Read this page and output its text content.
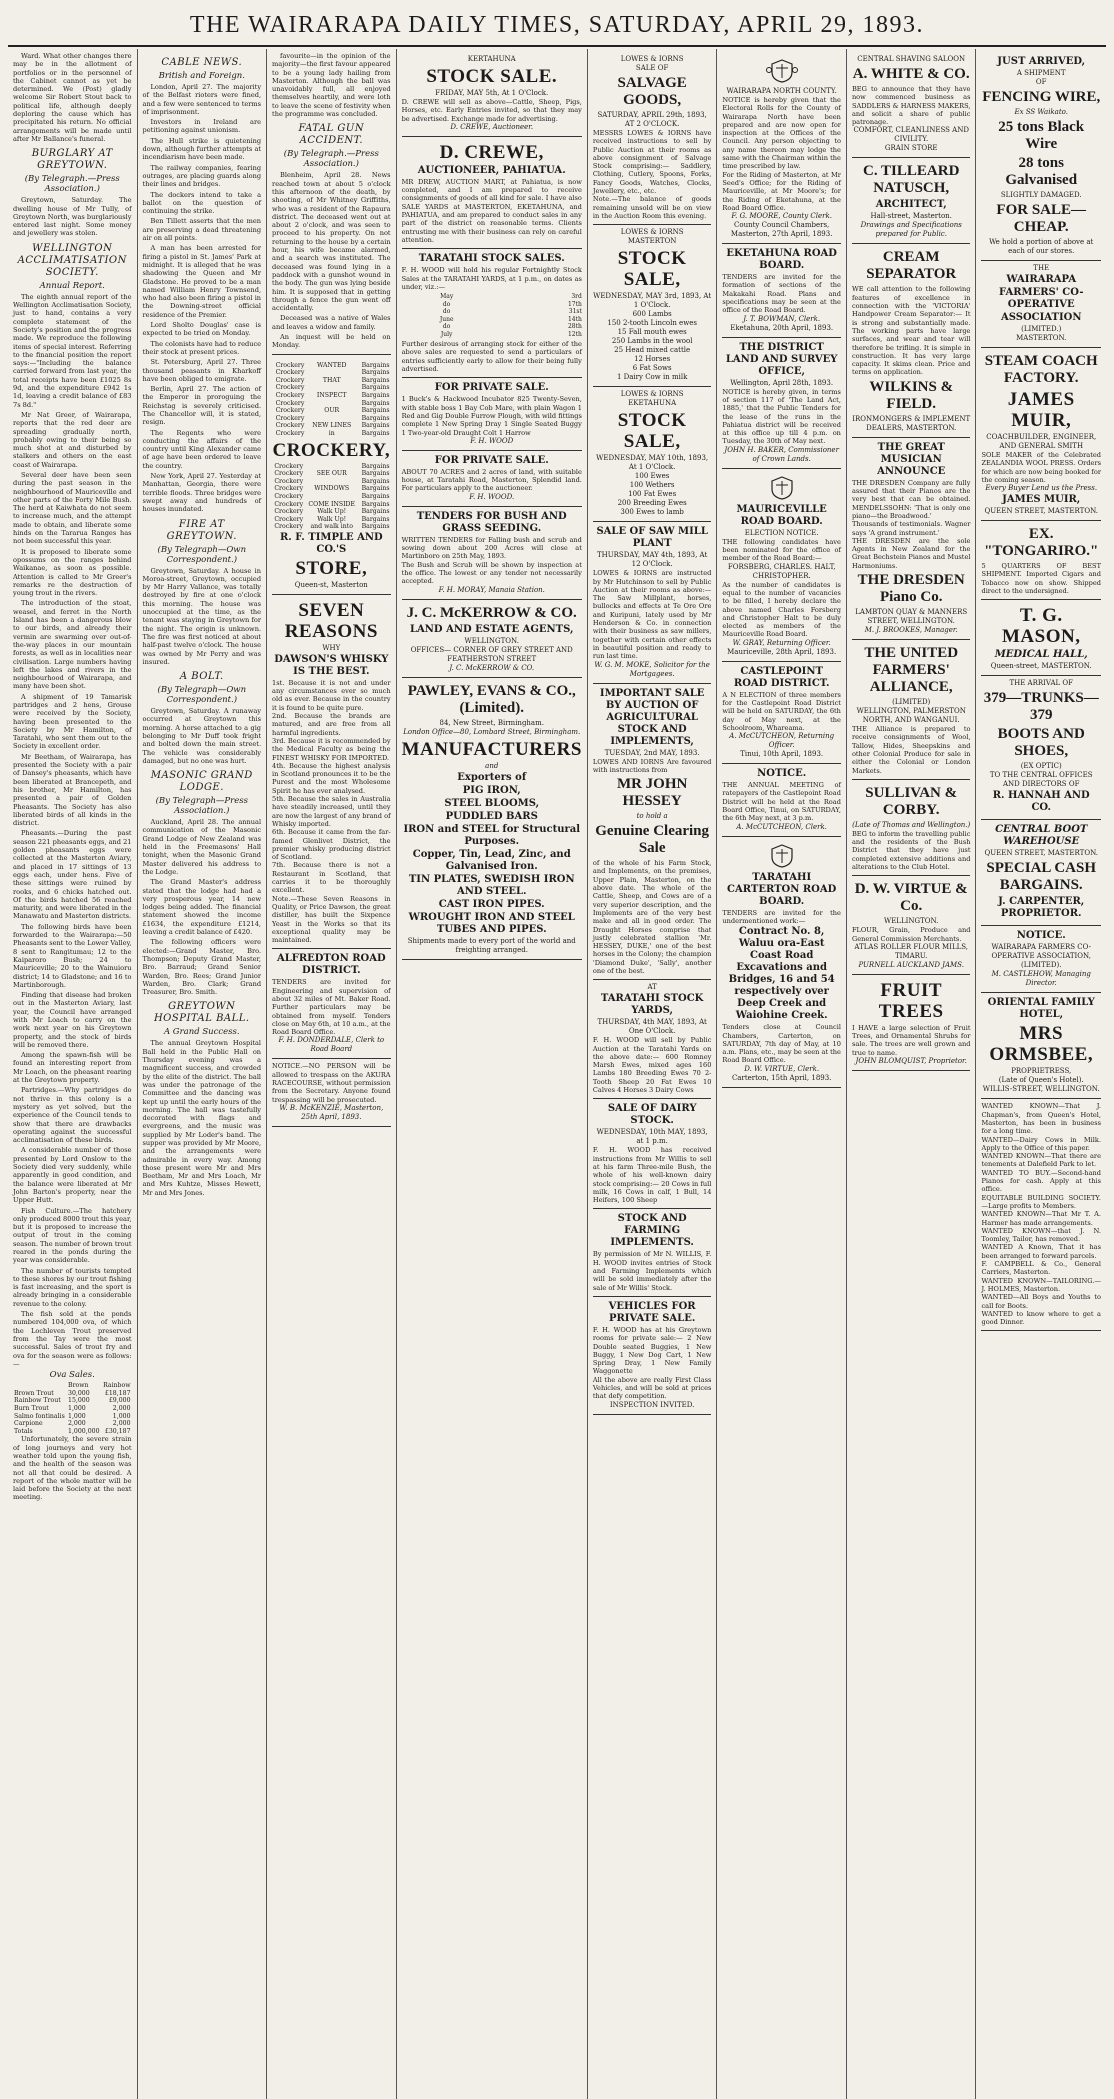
THE WAIRARAPA DAILY TIMES, SATURDAY, APRIL 29, 1893.

Ward. What other changes there may be in the allotment of portfolios or in the personnel of the Cabinet cannot as yet be determined. We (Post) gladly welcome Sir Robert Stout back to political life, although deeply deploring the cause which has precipitated his return. No official arrangements will be made until after Mr Ballance's funeral.

BURGLARY AT GREYTOWN.
(By Telegraph.—Press Association.)

Greytown, Saturday. The dwelling house of Mr Tully, of Greytown North, was burglariously entered last night. Some money and jewellery was stolen.

WELLINGTON ACCLIMATISATION SOCIETY.
Annual Report.

The eighth annual report of the Wellington Acclimatisation Society, just to hand, contains a very complete statement of the Society's position and the progress made. We reproduce the following items of special interest. Referring to the financial position the report says:—"Including the balance carried forward from last year, the total receipts have been £1025 8s 9d, and the expenditure £942 1s 1d, leaving a credit balance of £83 7s 8d."

Mr Nat Greer, of Wairarapa, reports that the red deer are spreading gradually north, probably owing to their being so much shot at and disturbed by stalkers and others on the east coast of Wairarapa.

Several deer have been seen during the past season in the neighbourhood of Mauriceville and other parts of the Forty Mile Bush. The herd at Kaiwhata do not seem to increase much, and the attempt made to obtain, and liberate some hinds on the Tararua Ranges has not been successful this year.

It is proposed to liberate some opossums on the ranges behind Waikanae, as soon as possible. Attention is called to Mr Greer's remarks re the destruction of young trout in the rivers.

The introduction of the stoat, weasel, and ferret in the North Island has been a dangerous blow to our birds, and already their vermin are swarming over out-of-the-way places in our mountain forests, as well as in localities near civilisation. Large numbers having left the lakes and rivers in the neighbourhood of Wairarapa, and many have been shot.

A shipment of 19 Tamarisk partridges and 2 hens, Grouse were received by the Society, having been presented to the Society by Mr Hamilton, of Taratahi, who sent them out to the Society in excellent order.

Mr Beetham, of Wairarapa, has presented the Society with a pair of Dansey's pheasants, which have been liberated at Brancepeth, and his brother, Mr Hamilton, has presented a pair of Golden Pheasants. The Society has also liberated birds of all kinds in the district.

Pheasants.—During the past season 221 pheasants eggs, and 21 golden pheasants eggs were collected at the Masterton Aviary, and placed in 17 sittings of 13 eggs each, under hens. Five of these sittings were ruined by rooks, and 6 chicks hatched out. Of the birds hatched 56 reached maturity, and were liberated in the Manawatu and Masterton districts.

The following birds have been forwarded to the Wairarapa:—50 Pheasants sent to the Lower Valley, 8 sent to Rangitumau; 12 to the Kaiparoro Bush; 24 to Mauriceville; 20 to the Wainuioru district; 14 to Gladstone; and 16 to Martinborough.

Finding that disease had broken out in the Masterton Aviary, last year, the Council have arranged with Mr Loach to carry on the work next year on his Greytown property, and the stock of birds will be removed there.

Among the spawn-fish will be found an interesting report from Mr Loach, on the pheasant rearing at the Greytown property.

Partridges.—Why partridges do not thrive in this colony is a mystery as yet solved, but the experience of the Council tends to show that there are drawbacks operating against the successful acclimatisation of these birds.

A considerable number of those presented by Lord Onslow to the Society died very suddenly, while apparently in good condition, and the balance were liberated at Mr John Barton's property, near the Upper Hutt.

Fish Culture.—The hatchery only produced 8000 trout this year, but it is proposed to increase the output of trout in the coming season. The number of brown trout reared in the ponds during the year was considerable.

The number of tourists tempted to these shores by our trout fishing is fast increasing, and the sport is already bringing in a considerable revenue to the colony.

The fish sold at the ponds numbered 104,000 ova, of which the Lochleven Trout preserved from the Tay were the most successful. Sales of trout fry and ova for the season were as follows:—

Ova Sales.
	Brown	Rainbow
Brown Trout	30,000	£18,187
Rainbow Trout	15,000	£9,000
Burn Trout	1,000	2,000
Salmo fontinalis	1,000	1,000
Carpione	2,000	2,000
Totals	1,000,000	£30,187

Unfortunately, the severe strain of long journeys and very hot weather told upon the young fish, and the health of the season was not all that could be desired. A report of the whole matter will be laid before the Society at the next meeting.

CABLE NEWS.
British and Foreign.

London, April 27. The majority of the Belfast rioters were fined, and a few were sentenced to terms of imprisonment.

Investors in Ireland are petitioning against unionism.

The Hull strike is quietening down, although further attempts at incendiarism have been made.

The railway companies, fearing outrages, are placing guards along their lines and bridges.

The dockers intend to take a ballot on the question of continuing the strike.

Ben Tillett asserts that the men are preserving a dead threatening air on all points.

A man has been arrested for firing a pistol in St. James' Park at midnight. It is alleged that he was shadowing the Queen and Mr Gladstone. He proved to be a man named William Henry Townsend, who had also been firing a pistol in the Downing-street official residence of the Premier.

Lord Sholto Douglas' case is expected to be tried on Monday.

The colonists have had to reduce their stock at present prices.

St. Petersburg, April 27. Three thousand peasants in Kharkoff have been obliged to emigrate.

Berlin, April 27. The action of the Emperor in proroguing the Reichstag is severely criticised. The Chancellor will, it is stated, resign.

The Regents who were conducting the affairs of the country until King Alexander came of age have been ordered to leave the country.

New York, April 27. Yesterday at Manhattan, Georgia, there were terrible floods. Three bridges were swept away and hundreds of houses inundated.

FIRE AT GREYTOWN.
(By Telegraph—Own Correspondent.)

Greytown, Saturday. A house in Moroa-street, Greytown, occupied by Mr Harry Vallance, was totally destroyed by fire at one o'clock this morning. The house was unoccupied at the time, as the tenant was staying in Greytown for the night. The origin is unknown. The fire was first noticed at about half-past twelve o'clock. The house was owned by Mr Perry and was insured.

A BOLT.
(By Telegraph—Own Correspondent.)

Greytown, Saturday. A runaway occurred at Greytown this morning. A horse attached to a gig belonging to Mr Duff took fright and bolted down the main street. The vehicle was considerably damaged, but no one was hurt.

MASONIC GRAND LODGE.
(By Telegraph—Press Association.)

Auckland, April 28. The annual communication of the Masonic Grand Lodge of New Zealand was held in the Freemasons' Hall tonight, when the Masonic Grand Master delivered his address to the Lodge.

The Grand Master's address stated that the lodge had had a very prosperous year, 14 new lodges being added. The financial statement showed the income £1634, the expenditure £1214, leaving a credit balance of £420.

The following officers were elected:—Grand Master, Bro. Thompson; Deputy Grand Master, Bro. Barraud; Grand Senior Warden, Bro. Rees; Grand Junior Warden, Bro. Clark; Grand Treasurer, Bro. Smith.

GREYTOWN HOSPITAL BALL.
A Grand Success.

The annual Greytown Hospital Ball held in the Public Hall on Thursday evening was a magnificent success, and crowded by the elite of the district. The ball was under the patronage of the Committee and the dancing was kept up until the early hours of the morning. The hall was tastefully decorated with flags and evergreens, and the music was supplied by Mr Loder's band. The supper was provided by Mr Moore, and the arrangements were admirable in every way. Among those present were Mr and Mrs Beetham, Mr and Mrs Loach, Mr and Mrs Kuhtze, Misses Hewett, Mr and Mrs Jones.

favourite—in the opinion of the majority—the first favour appeared to be a young lady hailing from Masterton. Although the ball was unavoidably full, all enjoyed themselves heartily, and were loth to leave the scene of festivity when the programme was concluded.

FATAL GUN ACCIDENT.
(By Telegraph.—Press Association.)

Blenheim, April 28. News reached town at about 5 o'clock this afternoon of the death, by shooting, of Mr Whitney Griffiths, who was a resident of the Rapaura district. The deceased went out at about 2 o'clock, and was seen to proceed to his property. On not returning to the house by a certain hour, his wife became alarmed, and a search was instituted. The deceased was found lying in a paddock with a gunshot wound in the body. The gun was lying beside him. It is supposed that in getting through a fence the gun went off accidentally.

Deceased was a native of Wales and leaves a widow and family.

An inquest will be held on Monday.

Crockery	WANTED	Bargains
Crockery		Bargains
Crockery	THAT	Bargains
Crockery		Bargains
Crockery	INSPECT	Bargains
Crockery		Bargains
Crockery	OUR	Bargains
Crockery		Bargains
Crockery	NEW LINES	Bargains
Crockery	in	Bargains
CROCKERY,
Crockery		Bargains
Crockery	SEE OUR	Bargains
Crockery		Bargains
Crockery	WINDOWS	Bargains
Crockery		Bargains
Crockery	COME INSIDE	Bargains
Crockery	Walk Up!	Bargains
Crockery	Walk Up!	Bargains
Crockery	and walk into	Bargains
R. F. TIMPLE AND CO.'S
STORE,
Queen-st, Masterton
SEVEN REASONS
WHY
DAWSON'S WHISKY IS THE BEST.
1st. Because it is not and under any circumstances ever so much old as ever. Because in the country it is found to be quite pure.
2nd. Because the brands are matured, and are free from all harmful ingredients.
3rd. Because it is recommended by the Medical Faculty as being the FINEST WHISKY FOR IMPORTED.
4th. Because the highest analysis in Scotland pronounces it to be the Purest and the most Wholesome Spirit he has ever analysed.
5th. Because the sales in Australia have steadily increased, until they are now the largest of any brand of Whisky imported.
6th. Because it came from the far-famed Glenlivet District, the premier whisky producing district of Scotland.
7th. Because there is not a Restaurant in Scotland, that carries it to be thoroughly excellent.
Note.—These Seven Reasons in Quality, or Price Dawson, the great distiller, has built the Sixpence Yeast in the Works so that its exceptional quality may be maintained.
ALFREDTON ROAD DISTRICT.
TENDERS are invited for Engineering and supervision of about 32 miles of Mt. Baker Road. Further particulars may be obtained from myself. Tenders close on May 6th, at 10 a.m., at the Road Board Office.
F. H. DONDERDALE, Clerk to Road Board
NOTICE.—NO PERSON will be allowed to trespass on the AKURA RACECOURSE, without permission from the Secretary. Anyone found trespassing will be prosecuted.
W. B. McKENZIE, Masterton, 25th April, 1893.
KERTAHUNA
STOCK SALE.
FRIDAY, MAY 5th, At 1 O'Clock.
D. CREWE will sell as above—Cattle, Sheep, Pigs, Horses, etc. Early Entries invited, so that they may be advertised. Exchange made for advertising.
D. CREWE, Auctioneer.
D. CREWE,
AUCTIONEER, PAHIATUA.
MR DREW, AUCTION MART, at Pahiatua, is now completed, and I am prepared to receive consignments of goods of all kind for sale. I have also SALE YARDS at MASTERTON, EKETAHUNA, and PAHIATUA, and am prepared to conduct sales in any part of the district on reasonable terms. Clients entrusting me with their business can rely on careful attention.
TARATAHI STOCK SALES.
F. H. WOOD will hold his regular Fortnightly Stock Sales at the TARATAHI YARDS, at 1 p.m., on dates as under, viz.:—
May	3rd
do	17th
do	31st
June	14th
do	28th
July	12th
Further desirous of arranging stock for either of the above sales are requested to send a particulars of entries sufficiently early to allow for their being fully advertised.
FOR PRIVATE SALE.
1 Buck's & Hackwood Incubator 825 Twenty-Seven, with stable boss 1 Bay Cob Mare, with plain Wagon 1 Red and Gig Double Furrow Plough, with wild fittings complete 1 New Spring Dray 1 Single Seated Buggy 1 Two-year-old Draught Colt 1 Harrow
F. H. WOOD
FOR PRIVATE SALE.
ABOUT 70 ACRES and 2 acres of land, with suitable house, at Taratahi Road, Masterton, Splendid land. For particulars apply to the auctioneer.
F. H. WOOD.
TENDERS FOR BUSH AND GRASS SEEDING.
WRITTEN TENDERS for Falling bush and scrub and sowing down about 200 Acres will close at Martinboro on 25th May, 1893.
The Bush and Scrub will be shown by inspection at the office. The lowest or any tender not necessarily accepted.
F. H. MORAY, Manaia Station.
J. C. McKERROW & CO.
LAND AND ESTATE AGENTS,
WELLINGTON.
OFFICES— CORNER OF GREY STREET AND FEATHERSTON STREET
J. C. McKERROW & CO.
PAWLEY, EVANS & CO., (Limited).
84, New Street, Birmingham.
London Office—80, Lombard Street, Birmingham.
MANUFACTURERS
and
Exporters of
PIG IRON,
STEEL BLOOMS,
PUDDLED BARS
IRON and STEEL for Structural Purposes.
Copper, Tin, Lead, Zinc, and Galvanised Iron.
TIN PLATES, SWEDISH IRON AND STEEL.
CAST IRON PIPES.
WROUGHT IRON AND STEEL TUBES AND PIPES.
Shipments made to every port of the world and freighting arranged.
LOWES & IORNS
SALE OF
SALVAGE GOODS,
SATURDAY, APRIL 29th, 1893,
AT 2 O'CLOCK.
MESSRS LOWES & IORNS have received instructions to sell by Public Auction at their rooms as above consignment of Salvage Stock comprising:— Saddlery, Clothing, Cutlery, Spoons, Forks, Fancy Goods, Watches, Clocks, Jewellery, etc., etc.
Note.—The balance of goods remaining unsold will be on view in the Auction Room this evening.
LOWES & IORNS
MASTERTON
STOCK SALE,
WEDNESDAY, MAY 3rd, 1893, At 1 O'Clock.
600 Lambs
150 2-tooth Lincoln ewes
15 Fall mouth ewes
250 Lambs in the wool
25 Head mixed cattle
12 Horses
6 Fat Sows
1 Dairy Cow in milk
LOWES & IORNS
EKETAHUNA
STOCK SALE,
WEDNESDAY, MAY 10th, 1893, At 1 O'Clock.
100 Ewes
100 Wethers
100 Fat Ewes
200 Breeding Ewes
300 Ewes to lamb
SALE OF SAW MILL PLANT
THURSDAY, MAY 4th, 1893, At 12 O'Clock.
LOWES & IORNS are instructed by Mr Hutchinson to sell by Public Auction at their rooms as above:— The Saw Millplant, horses, bullocks and effects at Te Ore Ore and Kuripuni, lately used by Mr Henderson & Co. in connection with their business as saw millers, together with certain other effects in beautiful position and ready to run last time.
W. G. M. MOKE, Solicitor for the Mortgagees.
IMPORTANT SALE BY AUCTION OF AGRICULTURAL STOCK AND IMPLEMENTS,
TUESDAY, 2nd MAY, 1893.
LOWES AND IORNS Are favoured with instructions from
MR JOHN HESSEY
to hold a
Genuine Clearing Sale
of the whole of his Farm Stock, and Implements, on the premises, Upper Plain, Masterton, on the above date. The whole of the Cattle, Sheep, and Cows are of a very superior description, and the Implements are of the very best make and all in good order. The Draught Horses comprise that justly celebrated stallion 'Mr. HESSEY, DUKE,' one of the best horses in the Colony; the champion 'Diamond Duke', 'Sally', another one of the best.
AT
TARATAHI STOCK YARDS,
THURSDAY, 4th MAY, 1893, At One O'Clock.
F. H. WOOD will sell by Public Auction at the Taratahi Yards on the above date:— 600 Romney Marsh Ewes, mixed ages 160 Lambs 180 Breeding Ewes 70 2-Tooth Sheep 20 Fat Ewes 10 Calves 4 Horses 3 Dairy Cows
SALE OF DAIRY STOCK.
WEDNESDAY, 10th MAY, 1893, at 1 p.m.
F. H. WOOD has received instructions from Mr Willis to sell at his farm Three-mile Bush, the whole of his well-known dairy stock comprising:— 20 Cows in full milk, 16 Cows in calf, 1 Bull, 14 Heifers, 100 Sheep
STOCK AND FARMING IMPLEMENTS.
By permission of Mr N. WILLIS, F. H. WOOD invites entries of Stock and Farming Implements which will be sold immediately after the sale of Mr Willis' Stock.
VEHICLES FOR PRIVATE SALE.
F. H. WOOD has at his Greytown rooms for private sale:— 2 New Double seated Buggies, 1 New Buggy, 1 New Dog Cart, 1 New Spring Dray, 1 New Family Waggonette
All the above are really First Class Vehicles, and will be sold at prices that defy competition.
INSPECTION INVITED.
WAIRARAPA NORTH COUNTY.
NOTICE is hereby given that the Electoral Rolls for the County of Wairarapa North have been prepared and are now open for inspection at the Offices of the Council. Any person objecting to any name thereon may lodge the same with the Chairman within the time prescribed by law.
For the Riding of Masterton, at Mr Seed's Office; for the Riding of Mauriceville, at Mr Moore's; for the Riding of Eketahuna, at the Road Board Office.
F. G. MOORE, County Clerk.
County Council Chambers, Masterton, 27th April, 1893.
EKETAHUNA ROAD BOARD.
TENDERS are invited for the formation of sections of the Makakahi Road. Plans and specifications may be seen at the office of the Road Board.
J. T. BOWMAN, Clerk.
Eketahuna, 20th April, 1893.
THE DISTRICT LAND AND SURVEY OFFICE,
Wellington, April 28th, 1893.
NOTICE is hereby given, in terms of section 117 of 'The Land Act, 1885,' that the Public Tenders for the lease of the runs in the Pahiatua district will be received at this office up till 4 p.m. on Tuesday, the 30th of May next.
JOHN H. BAKER, Commissioner of Crown Lands.
MAURICEVILLE ROAD BOARD.
ELECTION NOTICE.
THE following candidates have been nominated for the office of member of the Road Board:—
FORSBERG, CHARLES. HALT, CHRISTOPHER.
As the number of candidates is equal to the number of vacancies to be filled, I hereby declare the above named Charles Forsberg and Christopher Halt to be duly elected as members of the Mauriceville Road Board.
W. GRAY, Returning Officer.
Mauriceville, 28th April, 1893.
CASTLEPOINT ROAD DISTRICT.
A N ELECTION of three members for the Castlepoint Road District will be held on SATURDAY, the 6th day of May next, at the Schoolroom, Whareama.
A. McCUTCHEON, Returning Officer.
Tinui, 10th April, 1893.
NOTICE.
THE ANNUAL MEETING of ratepayers of the Castlepoint Road District will be held at the Road Board Office, Tinui, on SATURDAY, the 6th May next, at 3 p.m.
A. McCUTCHEON, Clerk.
TARATAHI CARTERTON ROAD BOARD.
TENDERS are invited for the undermentioned work:—
Contract No. 8, Waluu ora-East Coast Road Excavations and Bridges, 16 and 54 respectively over Deep Creek and Waiohine Creek.
Tenders close at Council Chambers, Carterton, on SATURDAY, 7th day of May, at 10 a.m. Plans, etc., may be seen at the Road Board Office.
D. W. VIRTUE, Clerk.
Carterton, 15th April, 1893.
CENTRAL SHAVING SALOON
A. WHITE & CO.
BEG to announce that they have now commenced business as SADDLERS & HARNESS MAKERS, and solicit a share of public patronage.
COMFORT, CLEANLINESS AND CIVILITY.
GRAIN STORE
C. TILLEARD NATUSCH,
ARCHITECT,
Hall-street, Masterton.
Drawings and Specifications prepared for Public.
CREAM SEPARATOR
WE call attention to the following features of excellence in connection with the 'VICTORIA' Handpower Cream Separator:— It is strong and substantially made. The working parts have large surfaces, and wear and tear will therefore be trifling. It is simple in construction. It has very large capacity. It skims clean. Price and terms on application.
WILKINS & FIELD.
IRONMONGERS & IMPLEMENT DEALERS, MASTERTON.
THE GREAT MUSICIAN ANNOUNCE
THE DRESDEN Company are fully assured that their Pianos are the very best that can be obtained. MENDELSSOHN: 'That is only one piano—the Broadwood.'
Thousands of testimonials. Wagner says 'A grand instrument.'
THE DRESDEN are the sole Agents in New Zealand for the Great Bechstein Pianos and Mustel Harmoniums.
THE DRESDEN Piano Co.
LAMBTON QUAY & MANNERS STREET, WELLINGTON.
M. J. BROOKES, Manager.
THE UNITED FARMERS' ALLIANCE,
(LIMITED)
WELLINGTON, PALMERSTON NORTH, AND WANGANUI.
THE Alliance is prepared to receive consignments of Wool, Tallow, Hides, Sheepskins and other Colonial Produce for sale in either the Colonial or London Markets.
SULLIVAN & CORBY.
(Late of Thomas and Wellington.)
BEG to inform the travelling public and the residents of the Bush District that they have just completed extensive additions and alterations to the Club Hotel.
D. W. VIRTUE & Co.
WELLINGTON.
FLOUR, Grain, Produce and General Commission Merchants.
ATLAS ROLLER FLOUR MILLS, TIMARU.
PURNELL AUCKLAND JAMS.
FRUIT TREES
I HAVE a large selection of Fruit Trees, and Ornamental Shrubs for sale. The trees are well grown and true to name.
JOHN BLOMQUIST, Proprietor.
JUST ARRIVED,
A SHIPMENT
OF
FENCING WIRE,
Ex SS Waikato.
25 tons Black Wire
28 tons Galvanised
SLIGHTLY DAMAGED.
FOR SALE—CHEAP.
We hold a portion of above at each of our stores.
THE
WAIRARAPA
FARMERS' CO-OPERATIVE
ASSOCIATION
(LIMITED.)
MASTERTON.
STEAM COACH FACTORY.
JAMES MUIR,
COACHBUILDER, ENGINEER, AND GENERAL SMITH
SOLE MAKER of the Celebrated ZEALANDIA WOOL PRESS. Orders for which are now being booked for the coming season.
Every Buyer Lend us the Press.
JAMES MUIR,
QUEEN STREET, MASTERTON.
EX. "TONGARIRO."
5 QUARTERS OF BEST SHIPMENT. Imported Cigars and Tobacco now on show. Shipped direct to the undersigned.
T. G. MASON,
MEDICAL HALL,
Queen-street, MASTERTON.
THE ARRIVAL OF
379—TRUNKS—379
BOOTS AND SHOES,
(EX OPTIC)
TO THE CENTRAL OFFICES AND DIRECTORS OF
R. HANNAH AND CO.
CENTRAL BOOT WAREHOUSE
QUEEN STREET, MASTERTON.
SPECIAL CASH BARGAINS.
J. CARPENTER, PROPRIETOR.
NOTICE.
WAIRARAPA FARMERS CO-OPERATIVE ASSOCIATION, (LIMITED).
M. CASTLEHOW, Managing Director.
ORIENTAL FAMILY HOTEL,
MRS ORMSBEE,
PROPRIETRESS,
(Late of Queen's Hotel).
WILLIS-STREET, WELLINGTON.
WANTED KNOWN—That J. Chapman's, from Queen's Hotel, Masterton, has been in business for a long time.
WANTED—Dairy Cows in Milk. Apply to the Office of this paper.
WANTED KNOWN—That there are tenements at Dalefield Park to let.
WANTED TO BUY.—Second-hand Pianos for cash. Apply at this office.
EQUITABLE BUILDING SOCIETY.—Large profits to Members.
WANTED KNOWN—That Mr T. A. Harmer has made arrangements.
WANTED KNOWN—that J. N. Toomley, Tailor, has removed.
WANTED A Known, That it has been arranged to forward parcels.
F. CAMPBELL & Co., General Carriers, Masterton.
WANTED KNOWN—TAILORING.—J. HOLMES, Masterton.
WANTED—All Boys and Youths to call for Boots.
WANTED to know where to get a good Dinner.
